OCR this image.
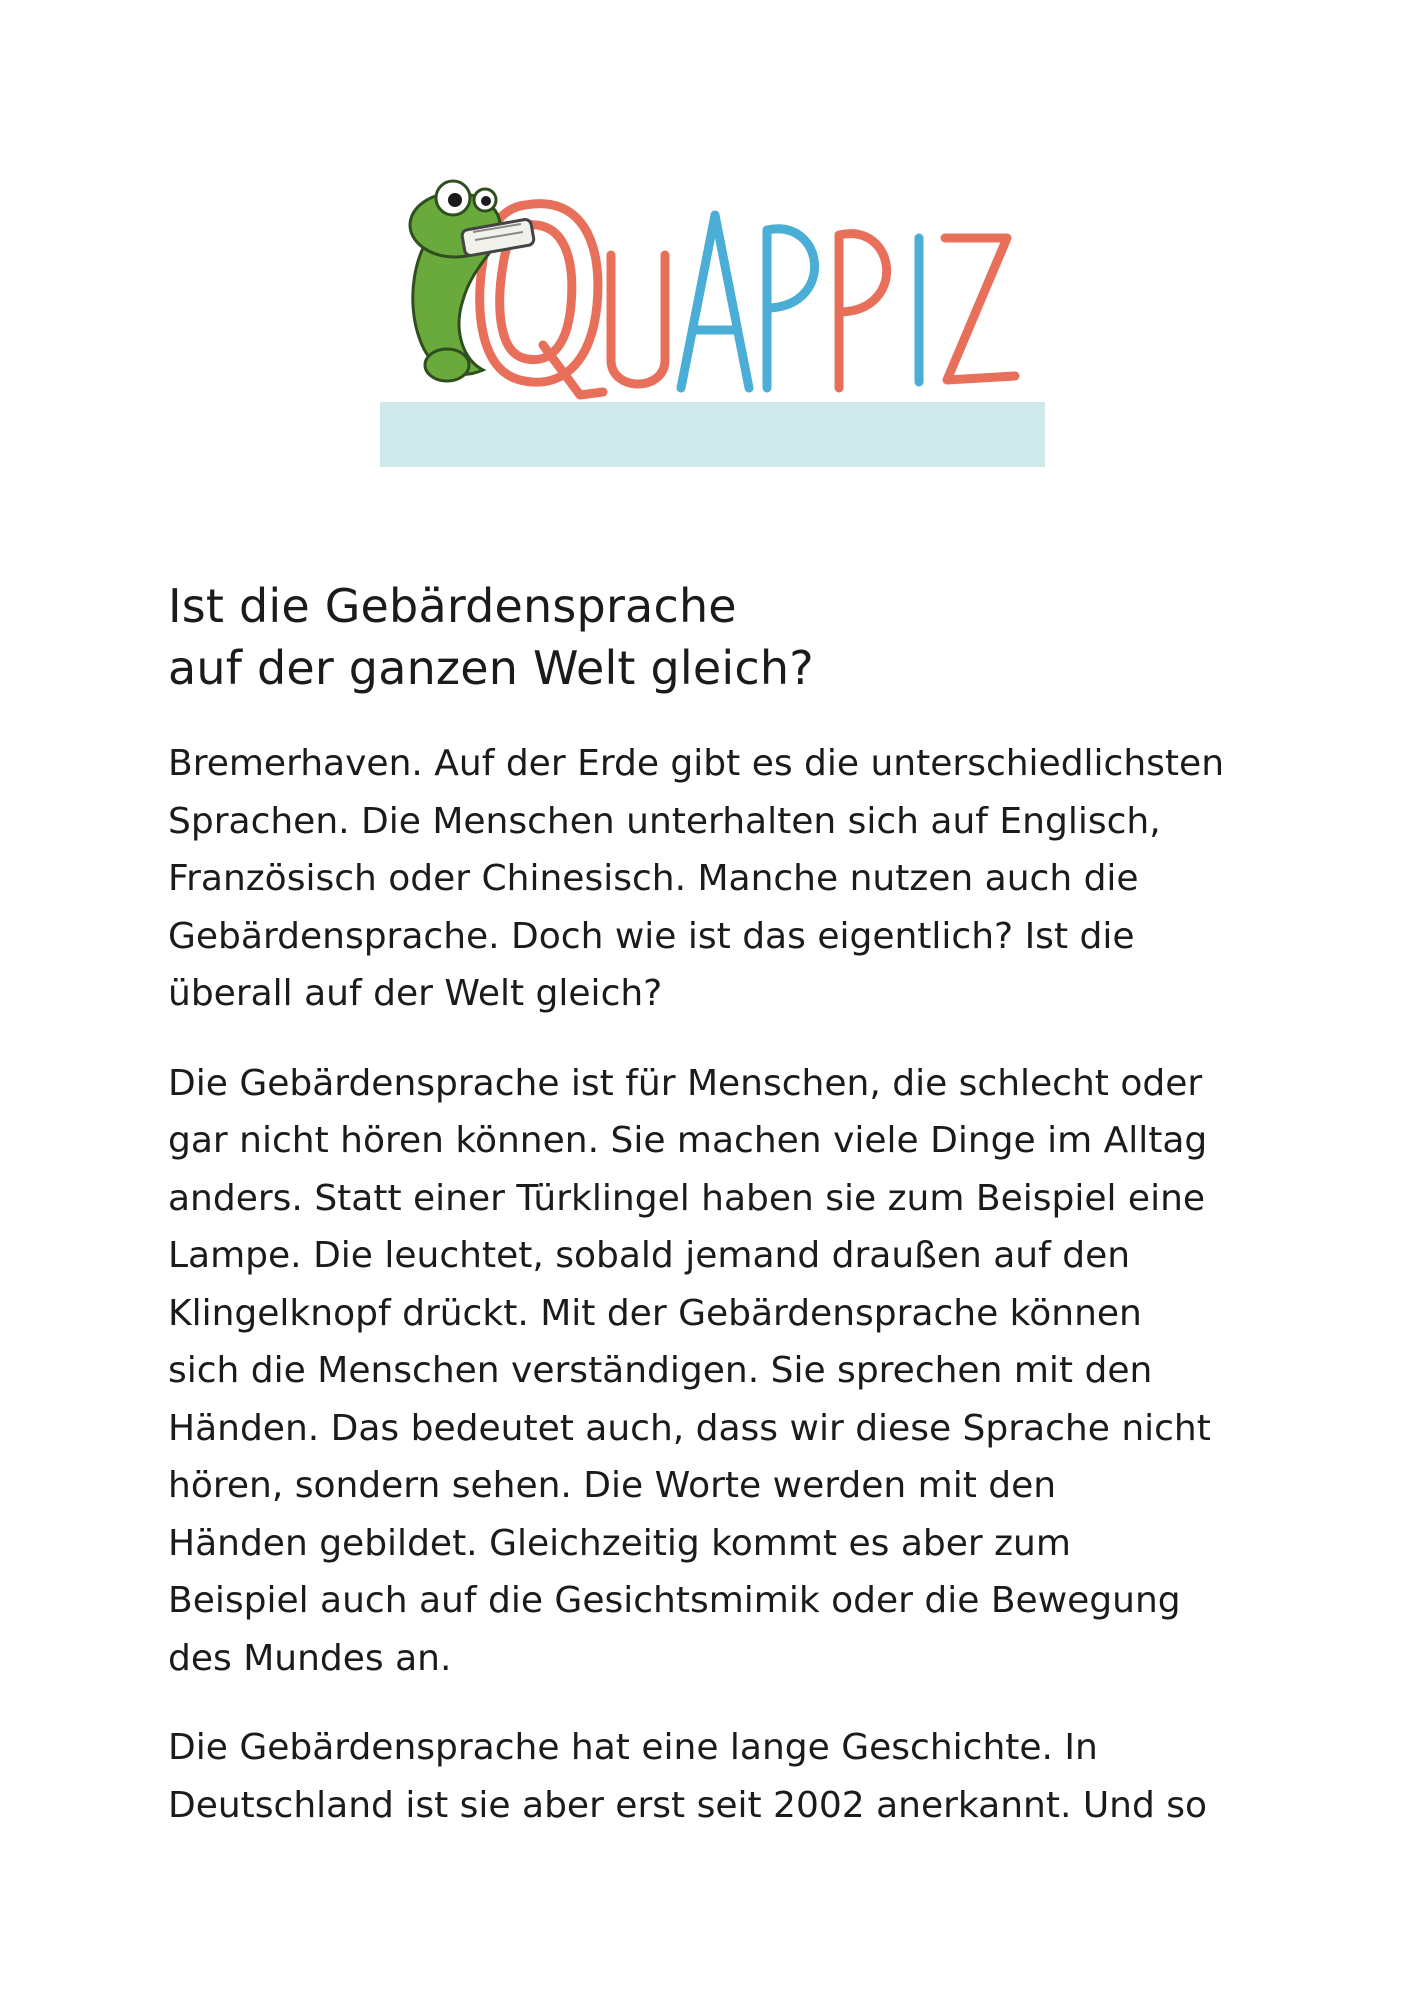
Ist die Gebärdensprache
auf der ganzen Welt gleich?

Bremerhaven. Auf der Erde gibt es die unterschiedlichsten
Sprachen. Die Menschen unterhalten sich auf Englisch,
Französisch oder Chinesisch. Manche nutzen auch die
Gebärdensprache. Doch wie ist das eigentlich? Ist die
überall auf der Welt gleich?

Die Gebärdensprache ist für Menschen, die schlecht oder
gar nicht hören können. Sie machen viele Dinge im Alltag
anders. Statt einer Türklingel haben sie zum Beispiel eine
Lampe. Die leuchtet, sobald jemand draußen auf den
Klingelknopf drückt. Mit der Gebärdensprache können
sich die Menschen verständigen. Sie sprechen mit den
Händen. Das bedeutet auch, dass wir diese Sprache nicht
hören, sondern sehen. Die Worte werden mit den
Händen gebildet. Gleichzeitig kommt es aber zum
Beispiel auch auf die Gesichtsmimik oder die Bewegung
des Mundes an.

Die Gebärdensprache hat eine lange Geschichte. In
Deutschland ist sie aber erst seit 2002 anerkannt. Und so
